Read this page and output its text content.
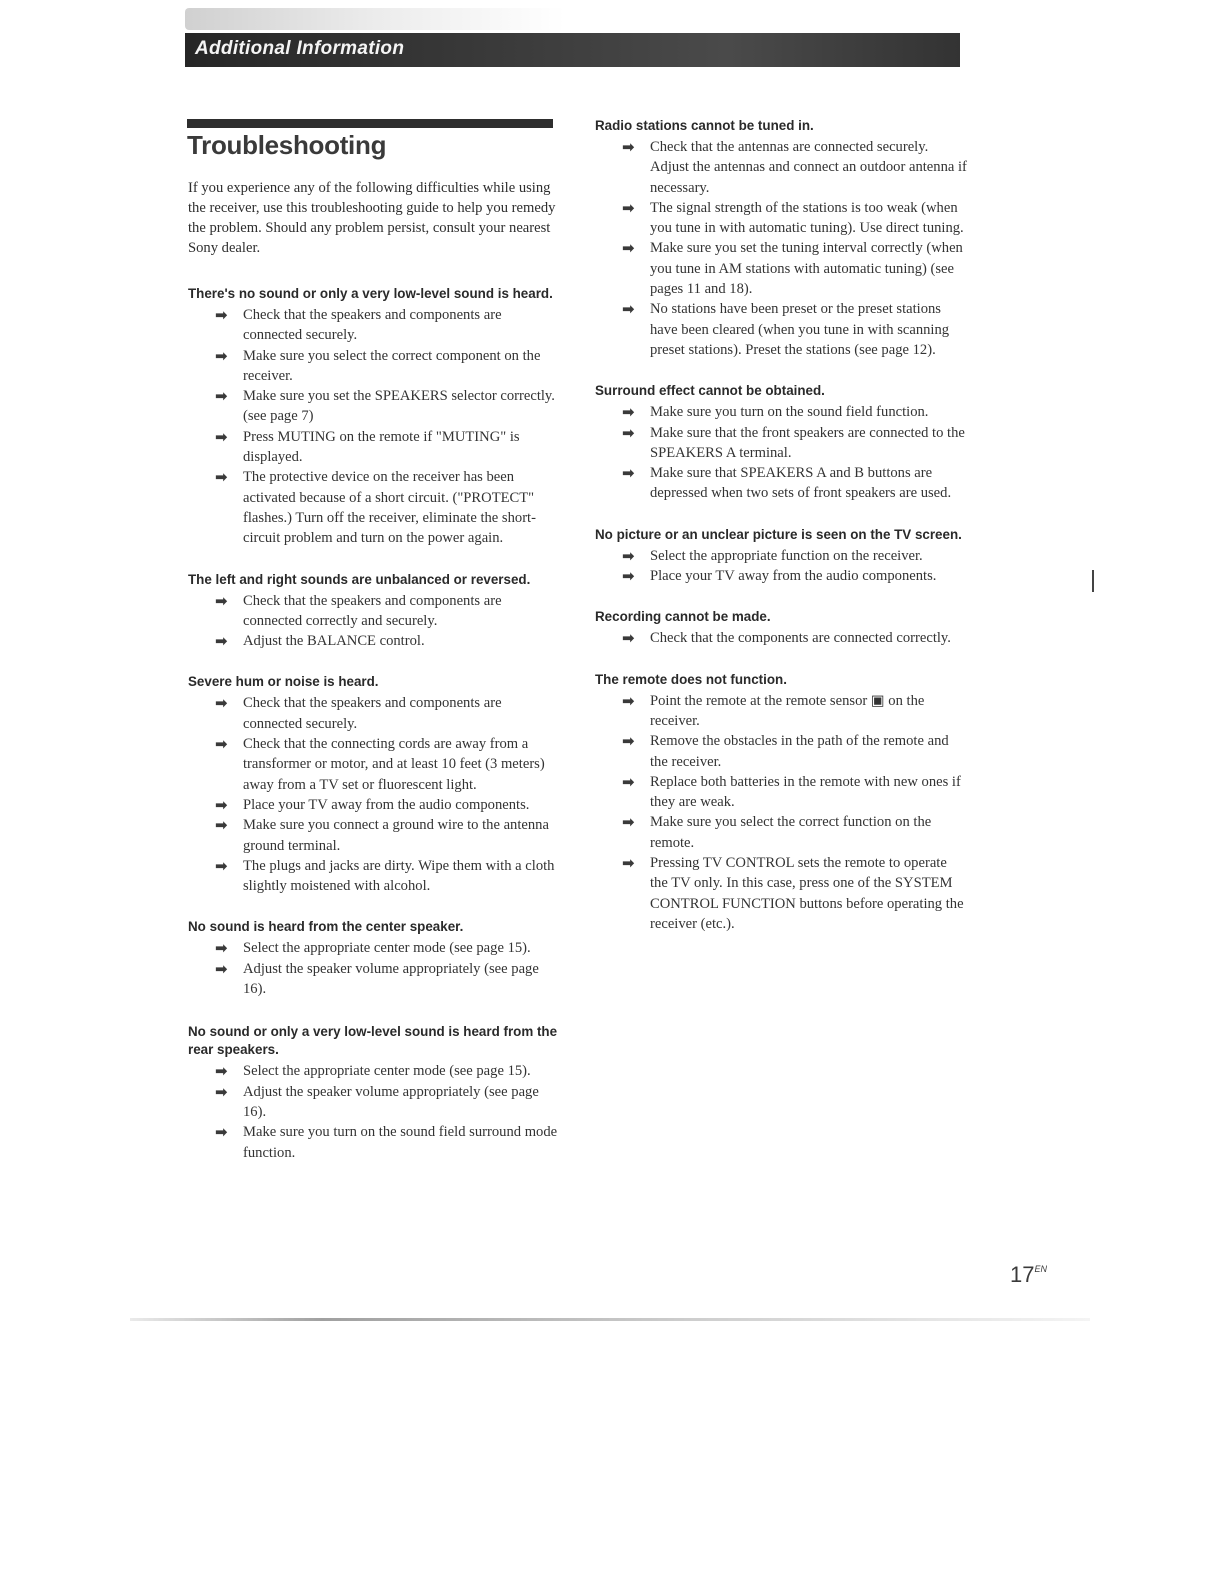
Additional Information
Troubleshooting

If you experience any of the following difficulties while using the receiver, use this troubleshooting guide to help you remedy the problem. Should any problem persist, consult your nearest Sony dealer.

There's no sound or only a very low-level sound is heard.
➡	Check that the speakers and components are connected securely.
➡	Make sure you select the correct component on the receiver.
➡	Make sure you set the SPEAKERS selector correctly. (see page 7)
➡	Press MUTING on the remote if "MUTING" is displayed.
➡	The protective device on the receiver has been activated because of a short circuit. ("PROTECT" flashes.) Turn off the receiver, eliminate the short-circuit problem and turn on the power again.
The left and right sounds are unbalanced or reversed.
➡	Check that the speakers and components are connected correctly and securely.
➡	Adjust the BALANCE control.
Severe hum or noise is heard.
➡	Check that the speakers and components are connected securely.
➡	Check that the connecting cords are away from a transformer or motor, and at least 10 feet (3 meters) away from a TV set or fluorescent light.
➡	Place your TV away from the audio components.
➡	Make sure you connect a ground wire to the antenna ground terminal.
➡	The plugs and jacks are dirty. Wipe them with a cloth slightly moistened with alcohol.
No sound is heard from the center speaker.
➡	Select the appropriate center mode (see page 15).
➡	Adjust the speaker volume appropriately (see page 16).
No sound or only a very low-level sound is heard from the rear speakers.
➡	Select the appropriate center mode (see page 15).
➡	Adjust the speaker volume appropriately (see page 16).
➡	Make sure you turn on the sound field surround mode function.
Radio stations cannot be tuned in.
➡	Check that the antennas are connected securely. Adjust the antennas and connect an outdoor antenna if necessary.
➡	The signal strength of the stations is too weak (when you tune in with automatic tuning). Use direct tuning.
➡	Make sure you set the tuning interval correctly (when you tune in AM stations with automatic tuning) (see pages 11 and 18).
➡	No stations have been preset or the preset stations have been cleared (when you tune in with scanning preset stations). Preset the stations (see page 12).
Surround effect cannot be obtained.
➡	Make sure you turn on the sound field function.
➡	Make sure that the front speakers are connected to the SPEAKERS A terminal.
➡	Make sure that SPEAKERS A and B buttons are depressed when two sets of front speakers are used.
No picture or an unclear picture is seen on the TV screen.
➡	Select the appropriate function on the receiver.
➡	Place your TV away from the audio components.
Recording cannot be made.
➡	Check that the components are connected correctly.
The remote does not function.
➡	Point the remote at the remote sensor ▣ on the receiver.
➡	Remove the obstacles in the path of the remote and the receiver.
➡	Replace both batteries in the remote with new ones if they are weak.
➡	Make sure you select the correct function on the remote.
➡	Pressing TV CONTROL sets the remote to operate the TV only. In this case, press one of the SYSTEM CONTROL FUNCTION buttons before operating the receiver (etc.).
$17^{EN}$
